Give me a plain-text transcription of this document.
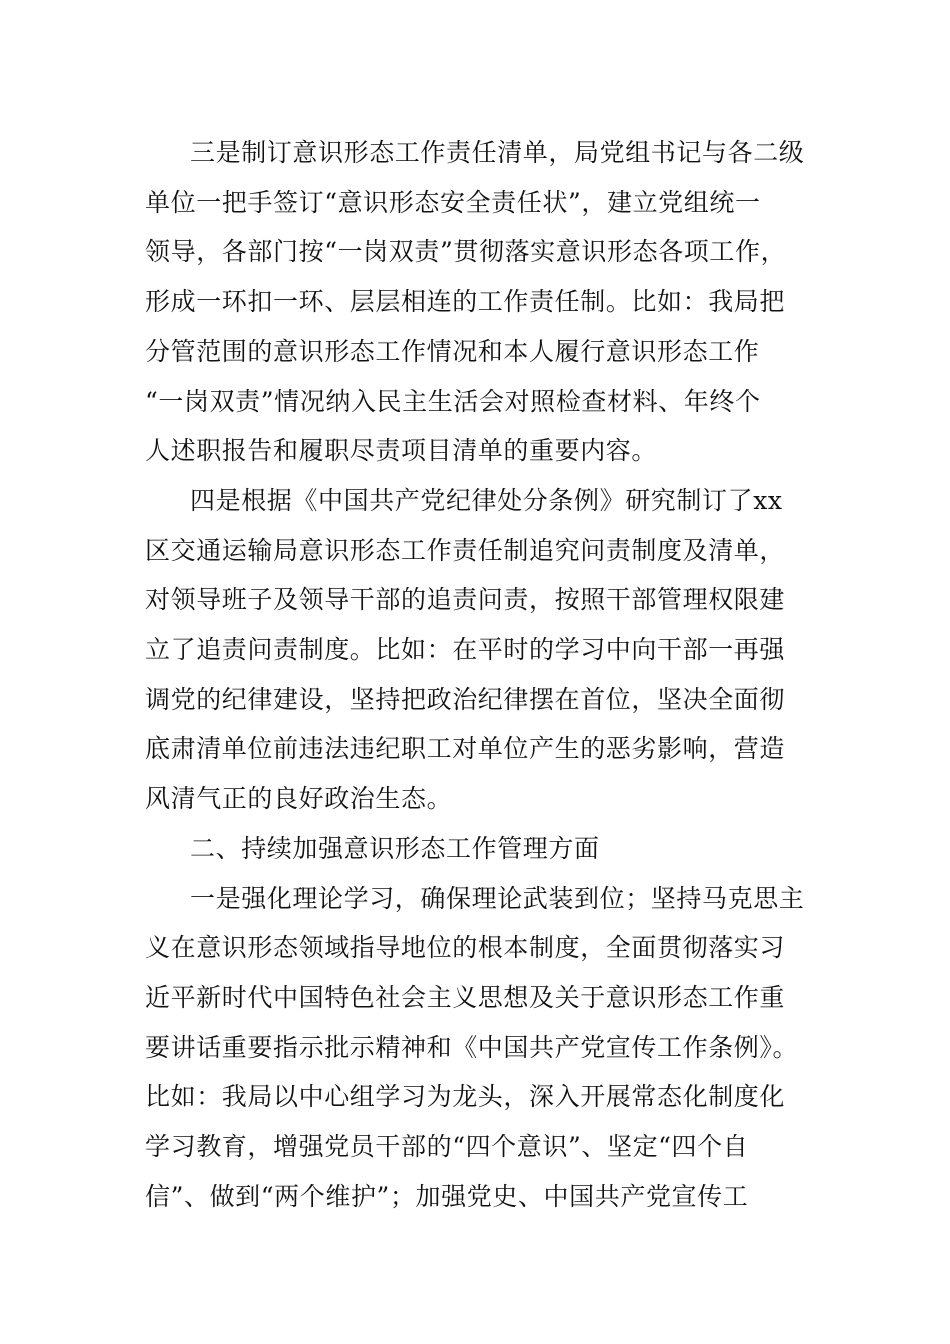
三是制订意识形态工作责任清单，局党组书记与各二级
单位一把手签订“意识形态安全责任状”，建立党组统一
领导，各部门按“一岗双责”贯彻落实意识形态各项工作，
形成一环扣一环、层层相连的工作责任制。比如：我局把
分管范围的意识形态工作情况和本人履行意识形态工作
“一岗双责”情况纳入民主生活会对照检查材料、年终个
人述职报告和履职尽责项目清单的重要内容。
四是根据《中国共产党纪律处分条例》研究制订了xx
区交通运输局意识形态工作责任制追究问责制度及清单，
对领导班子及领导干部的追责问责，按照干部管理权限建
立了追责问责制度。比如：在平时的学习中向干部一再强
调党的纪律建设，坚持把政治纪律摆在首位，坚决全面彻
底肃清单位前违法违纪职工对单位产生的恶劣影响，营造
风清气正的良好政治生态。
二、持续加强意识形态工作管理方面
一是强化理论学习，确保理论武装到位；坚持马克思主
义在意识形态领域指导地位的根本制度，全面贯彻落实习
近平新时代中国特色社会主义思想及关于意识形态工作重
要讲话重要指示批示精神和《中国共产党宣传工作条例》。
比如：我局以中心组学习为龙头，深入开展常态化制度化
学习教育，增强党员干部的“四个意识”、坚定“四个自
信”、做到“两个维护”；加强党史、中国共产党宣传工
